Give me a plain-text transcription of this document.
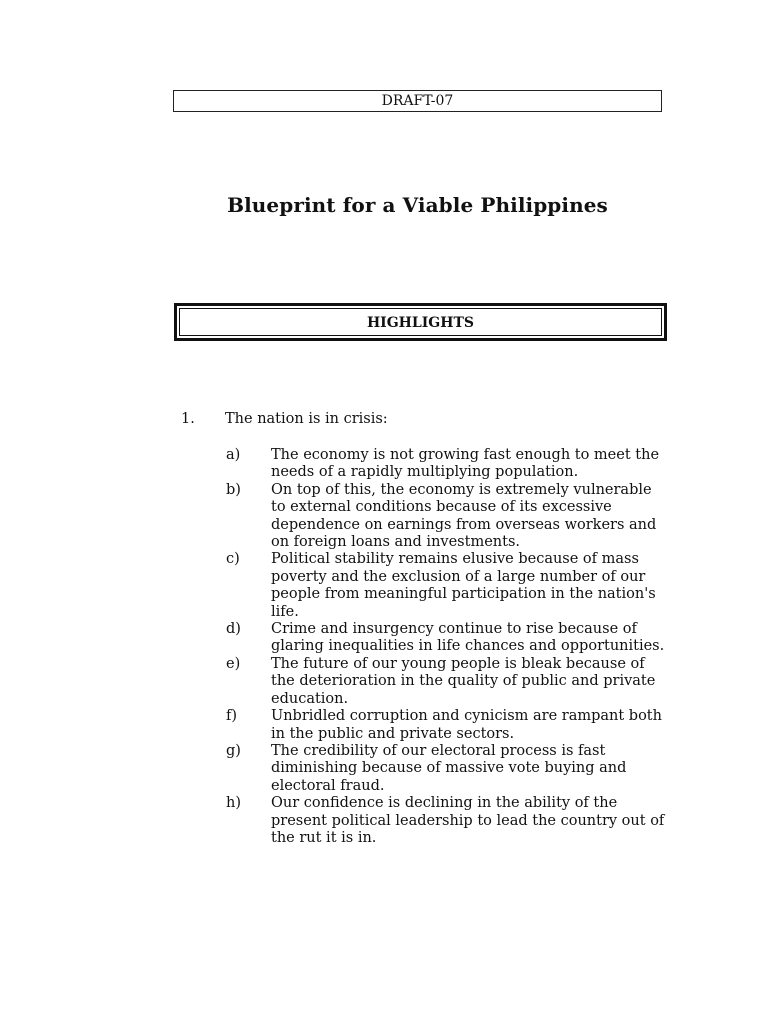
DRAFT-07
Blueprint for a Viable Philippines
HIGHLIGHTS
1. The nation is in crisis:
a)	The economy is not growing fast enough to meet the needs of a rapidly multiplying population.
b)	On top of this, the economy is extremely vulnerable to external conditions because of its excessive dependence on earnings from overseas workers and on foreign loans and investments.
c)	Political stability remains elusive because of mass poverty and the exclusion of a large number of our people from meaningful participation in the nation's life.
d)	Crime and insurgency continue to rise because of glaring inequalities in life chances and opportunities.
e)	The future of our young people is bleak because of the deterioration in the quality of public and private education.
f)	Unbridled corruption and cynicism are rampant both in the public and private sectors.
g)	The credibility of our electoral process is fast diminishing because of massive vote buying and electoral fraud.
h)	Our confidence is declining in the ability of the present political leadership to lead the country out of the rut it is in.
